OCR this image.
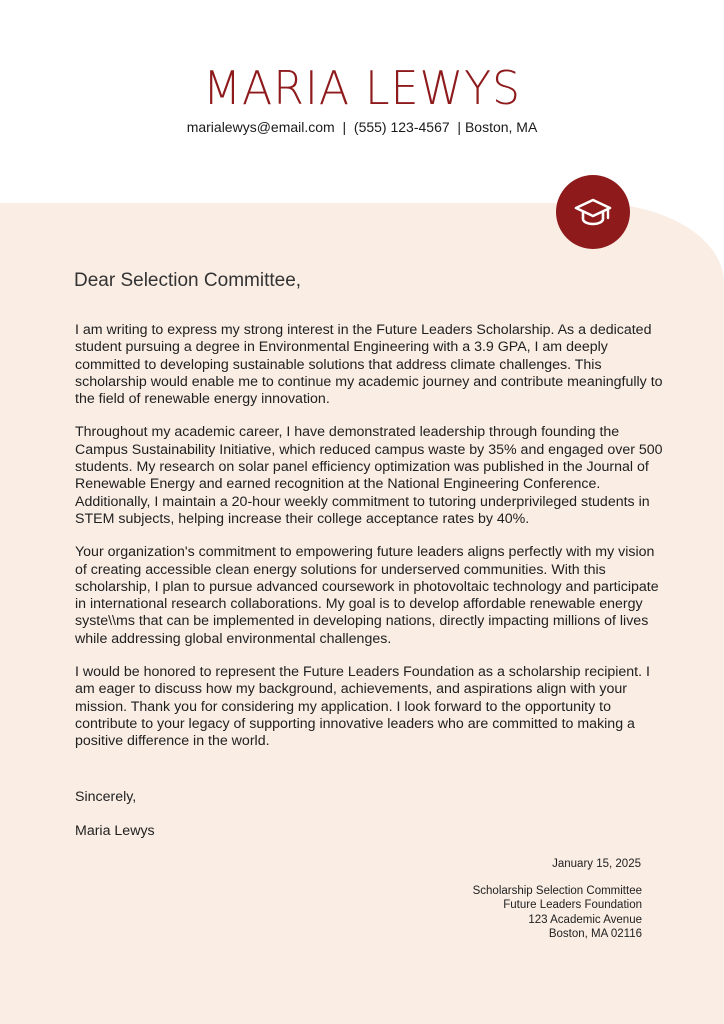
MARIA LEWYS
marialewys@email.com  |  (555) 123-4567  | Boston, MA
Dear Selection Committee,

I am writing to express my strong interest in the Future Leaders Scholarship. As a dedicated student pursuing a degree in Environmental Engineering with a 3.9 GPA, I am deeply committed to developing sustainable solutions that address climate challenges. This scholarship would enable me to continue my academic journey and contribute meaningfully to the field of renewable energy innovation.

Throughout my academic career, I have demonstrated leadership through founding the Campus Sustainability Initiative, which reduced campus waste by 35% and engaged over 500 students. My research on solar panel efficiency optimization was published in the Journal of Renewable Energy and earned recognition at the National Engineering Conference. Additionally, I maintain a 20-hour weekly commitment to tutoring underprivileged students in STEM subjects, helping increase their college acceptance rates by 40%.

Your organization's commitment to empowering future leaders aligns perfectly with my vision of creating accessible clean energy solutions for underserved communities. With this scholarship, I plan to pursue advanced coursework in photovoltaic technology and participate in international research collaborations. My goal is to develop affordable renewable energy syste\\ms that can be implemented in developing nations, directly impacting millions of lives while addressing global environmental challenges.

I would be honored to represent the Future Leaders Foundation as a scholarship recipient. I am eager to discuss how my background, achievements, and aspirations align with your mission. Thank you for considering my application. I look forward to the opportunity to contribute to your legacy of supporting innovative leaders who are committed to making a positive difference in the world.

Sincerely,
Maria Lewys
January 15, 2025
Scholarship Selection Committee
Future Leaders Foundation
123 Academic Avenue
Boston, MA 02116
